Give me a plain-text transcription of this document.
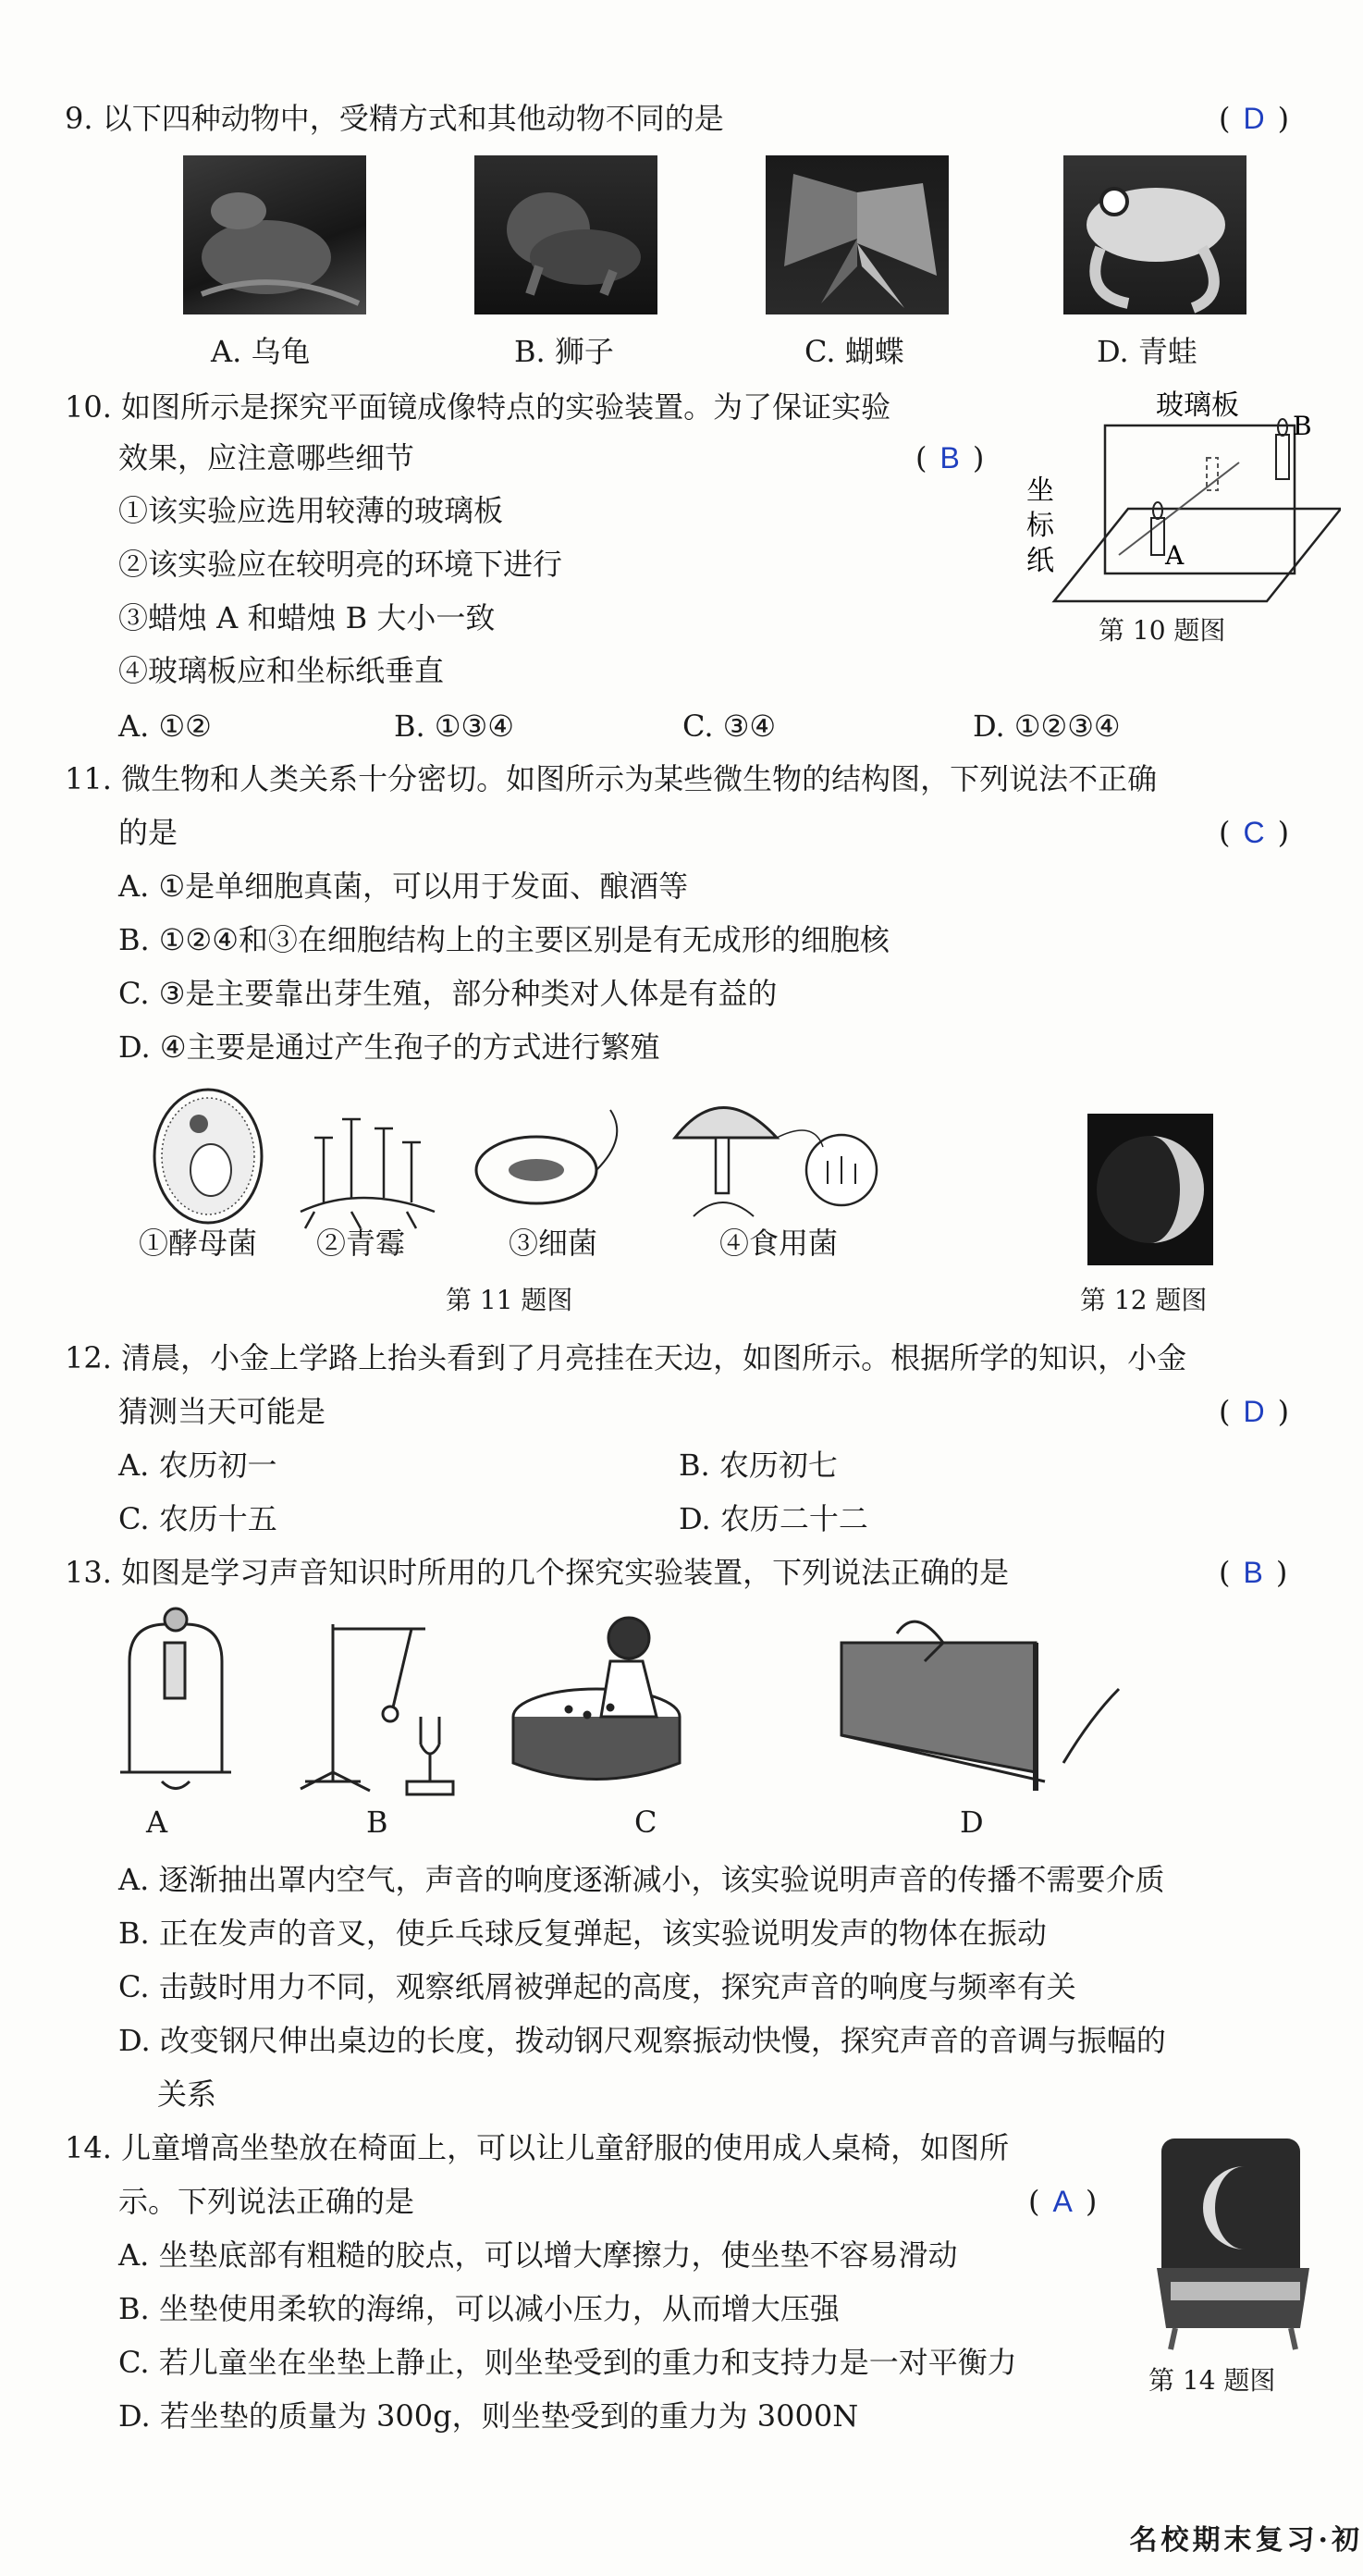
9. 以下四种动物中，受精方式和其他动物不同的是	( D )
A. 乌龟	B. 狮子	C. 蝴蝶	D. 青蛙
10. 如图所示是探究平面镜成像特点的实验装置。为了保证实验
效果，应注意哪些细节	( B )
①该实验应选用较薄的玻璃板
②该实验应在较明亮的环境下进行
③蜡烛 A 和蜡烛 B 大小一致
④玻璃板应和坐标纸垂直
A. ①②	B. ①③④	C. ③④	D. ①②③④
玻璃板
B
A
坐
标
纸
第 10 题图
11. 微生物和人类关系十分密切。如图所示为某些微生物的结构图，下列说法不正确
的是	( C )
A. ①是单细胞真菌，可以用于发面、酿酒等
B. ①②④和③在细胞结构上的主要区别是有无成形的细胞核
C. ③是主要靠出芽生殖，部分种类对人体是有益的
D. ④主要是通过产生孢子的方式进行繁殖
①酵母菌 ②青霉	③细菌	④食用菌
第 11 题图	第 12 题图
12. 清晨，小金上学路上抬头看到了月亮挂在天边，如图所示。根据所学的知识，小金
猜测当天可能是	( D )
A. 农历初一	B. 农历初七
C. 农历十五	D. 农历二十二
13. 如图是学习声音知识时所用的几个探究实验装置，下列说法正确的是	( B )
A	B	C	D
A. 逐渐抽出罩内空气，声音的响度逐渐减小，该实验说明声音的传播不需要介质
B. 正在发声的音叉，使乒乓球反复弹起，该实验说明发声的物体在振动
C. 击鼓时用力不同，观察纸屑被弹起的高度，探究声音的响度与频率有关
D. 改变钢尺伸出桌边的长度，拨动钢尺观察振动快慢，探究声音的音调与振幅的
关系
14. 儿童增高坐垫放在椅面上，可以让儿童舒服的使用成人桌椅，如图所
示。下列说法正确的是	( A )
A. 坐垫底部有粗糙的胶点，可以增大摩擦力，使坐垫不容易滑动
B. 坐垫使用柔软的海绵，可以减小压力，从而增大压强
C. 若儿童坐在坐垫上静止，则坐垫受到的重力和支持力是一对平衡力
D. 若坐垫的质量为 300g，则坐垫受到的重力为 3000N
第 14 题图
名校期末复习·初
